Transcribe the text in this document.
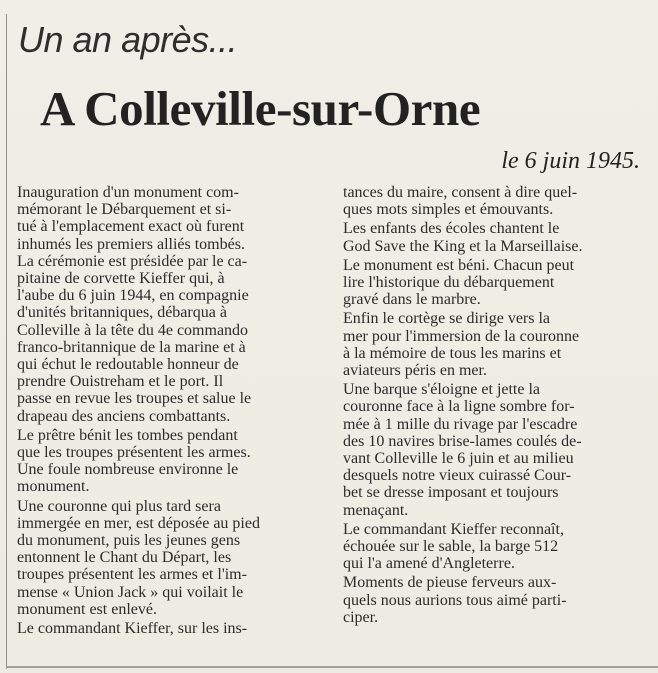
Un an après...
A Colleville-sur-Orne
le 6 juin 1945.

Inauguration d'un monument com-
mémorant le Débarquement et si-
tué à l'emplacement exact où furent
inhumés les premiers alliés tombés.
La cérémonie est présidée par le ca-
pitaine de corvette Kieffer qui, à
l'aube du 6 juin 1944, en compagnie
d'unités britanniques, débarqua à
Colleville à la tête du 4e commando
franco-britannique de la marine et à
qui échut le redoutable honneur de
prendre Ouistreham et le port. Il
passe en revue les troupes et salue le
drapeau des anciens combattants.

Le prêtre bénit les tombes pendant
que les troupes présentent les armes.
Une foule nombreuse environne le
monument.

Une couronne qui plus tard sera
immergée en mer, est déposée au pied
du monument, puis les jeunes gens
entonnent le Chant du Départ, les
troupes présentent les armes et l'im-
mense « Union Jack » qui voilait le
monument est enlevé.

Le commandant Kieffer, sur les ins-

tances du maire, consent à dire quel-
ques mots simples et émouvants.

Les enfants des écoles chantent le
God Save the King et la Marseillaise.

Le monument est béni. Chacun peut
lire l'historique du débarquement
gravé dans le marbre.

Enfin le cortège se dirige vers la
mer pour l'immersion de la couronne
à la mémoire de tous les marins et
aviateurs péris en mer.

Une barque s'éloigne et jette la
couronne face à la ligne sombre for-
mée à 1 mille du rivage par l'escadre
des 10 navires brise-lames coulés de-
vant Colleville le 6 juin et au milieu
desquels notre vieux cuirassé Cour-
bet se dresse imposant et toujours
menaçant.

Le commandant Kieffer reconnaît,
échouée sur le sable, la barge 512
qui l'a amené d'Angleterre.

Moments de pieuse ferveurs aux-
quels nous aurions tous aimé parti-
ciper.
